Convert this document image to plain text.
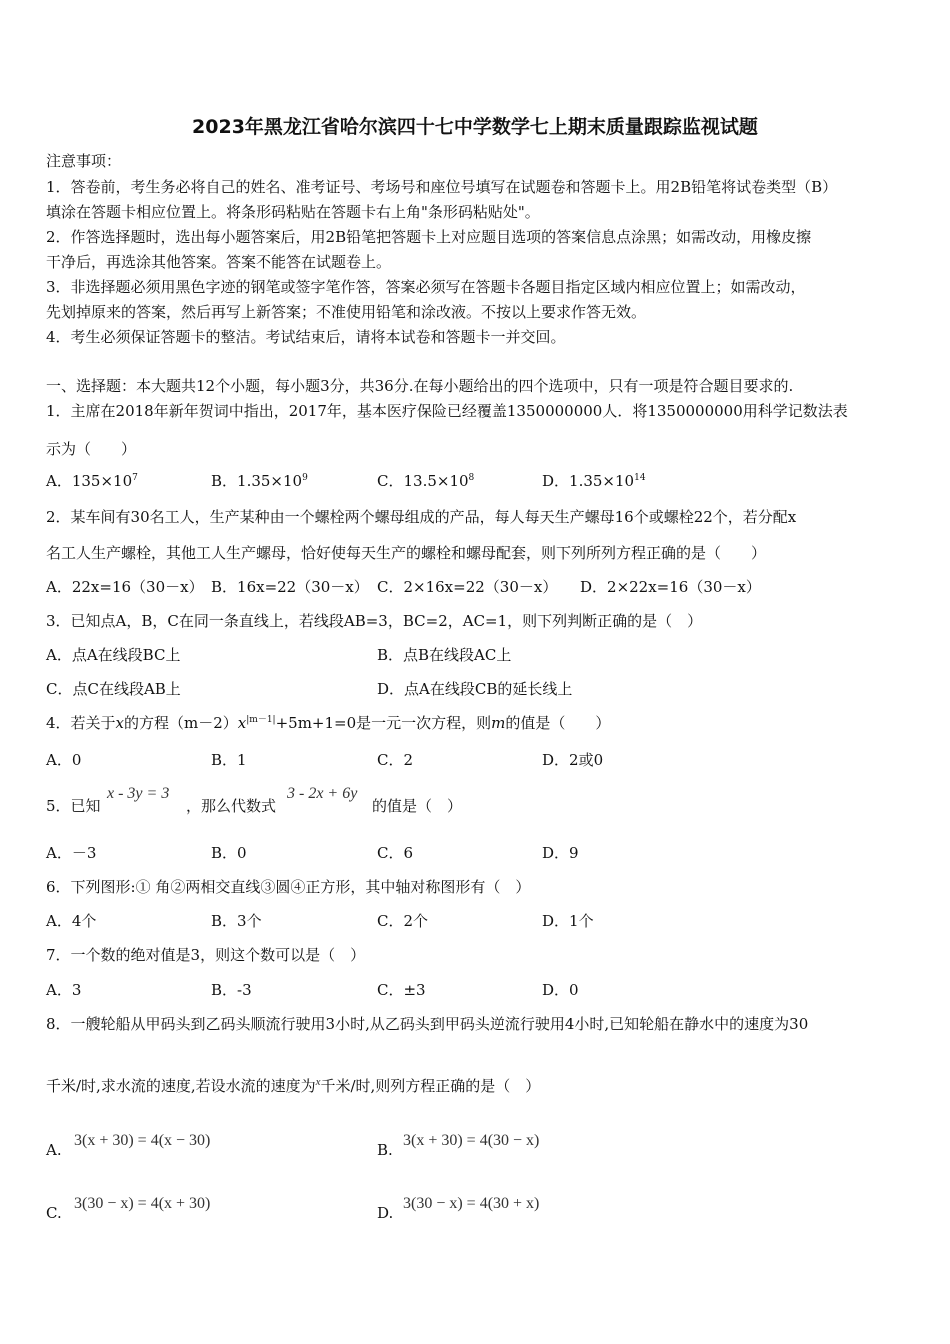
2023年黑龙江省哈尔滨四十七中学数学七上期末质量跟踪监视试题
注意事项：
1．答卷前，考生务必将自己的姓名、准考证号、考场号和座位号填写在试题卷和答题卡上。用2B铅笔将试卷类型（B）
填涂在答题卡相应位置上。将条形码粘贴在答题卡右上角"条形码粘贴处"。
2．作答选择题时，选出每小题答案后，用2B铅笔把答题卡上对应题目选项的答案信息点涂黑；如需改动，用橡皮擦
干净后，再选涂其他答案。答案不能答在试题卷上。
3．非选择题必须用黑色字迹的钢笔或签字笔作答，答案必须写在答题卡各题目指定区域内相应位置上；如需改动，
先划掉原来的答案，然后再写上新答案；不准使用铅笔和涂改液。不按以上要求作答无效。
4．考生必须保证答题卡的整洁。考试结束后，请将本试卷和答题卡一并交回。
一、选择题：本大题共12个小题，每小题3分，共36分.在每小题给出的四个选项中，只有一项是符合题目要求的.
1．主席在2018年新年贺词中指出，2017年，基本医疗保险已经覆盖1350000000人．将1350000000用科学记数法表
示为（　　）
A．$135\times 10^7$	B．$1.35\times 10^9$	C．$13.5\times 10^8$	D．$1.35\times 10^{14}$
2．某车间有30名工人，生产某种由一个螺栓两个螺母组成的产品，每人每天生产螺母16个或螺栓22个，若分配x
名工人生产螺栓，其他工人生产螺母，恰好使每天生产的螺栓和螺母配套，则下列所列方程正确的是（　　）
A．22x=16（30－x） B．16x=22（30－x） C．2×16x=22（30－x） D．2×22x=16（30－x）
3．已知点A，B，C在同一条直线上，若线段AB=3，BC=2，AC=1，则下列判断正确的是（　）
A．点A在线段BC上	B．点B在线段AC上
C．点C在线段AB上	D．点A在线段CB的延长线上
4．若关于x的方程$(m-2)x^{|m-1|}+5m+1=0$是一元一次方程，则m的值是（　　）
A．0	B．1	C．2	D．2或0
5．已知
x - 3y = 3
，那么代数式
3 - 2x + 6y
的值是（　）
A．－3	B．0	C．6	D．9
6．下列图形:① 角②两相交直线③圆④正方形，其中轴对称图形有（　）
A．4个	B．3个	C．2个	D．1个
7．一个数的绝对值是3，则这个数可以是（　）
A．3	B．-3	C．±3	D．0
8．一艘轮船从甲码头到乙码头顺流行驶用3小时,从乙码头到甲码头逆流行驶用4小时,已知轮船在静水中的速度为30
千米/时,求水流的速度,若设水流的速度为$^x$千米/时,则列方程正确的是（　）
A.
3(x + 30) = 4(x − 30)
B.
3(x + 30) = 4(30 − x)
C.
3(30 − x) = 4(x + 30)
D.
3(30 − x) = 4(30 + x)
